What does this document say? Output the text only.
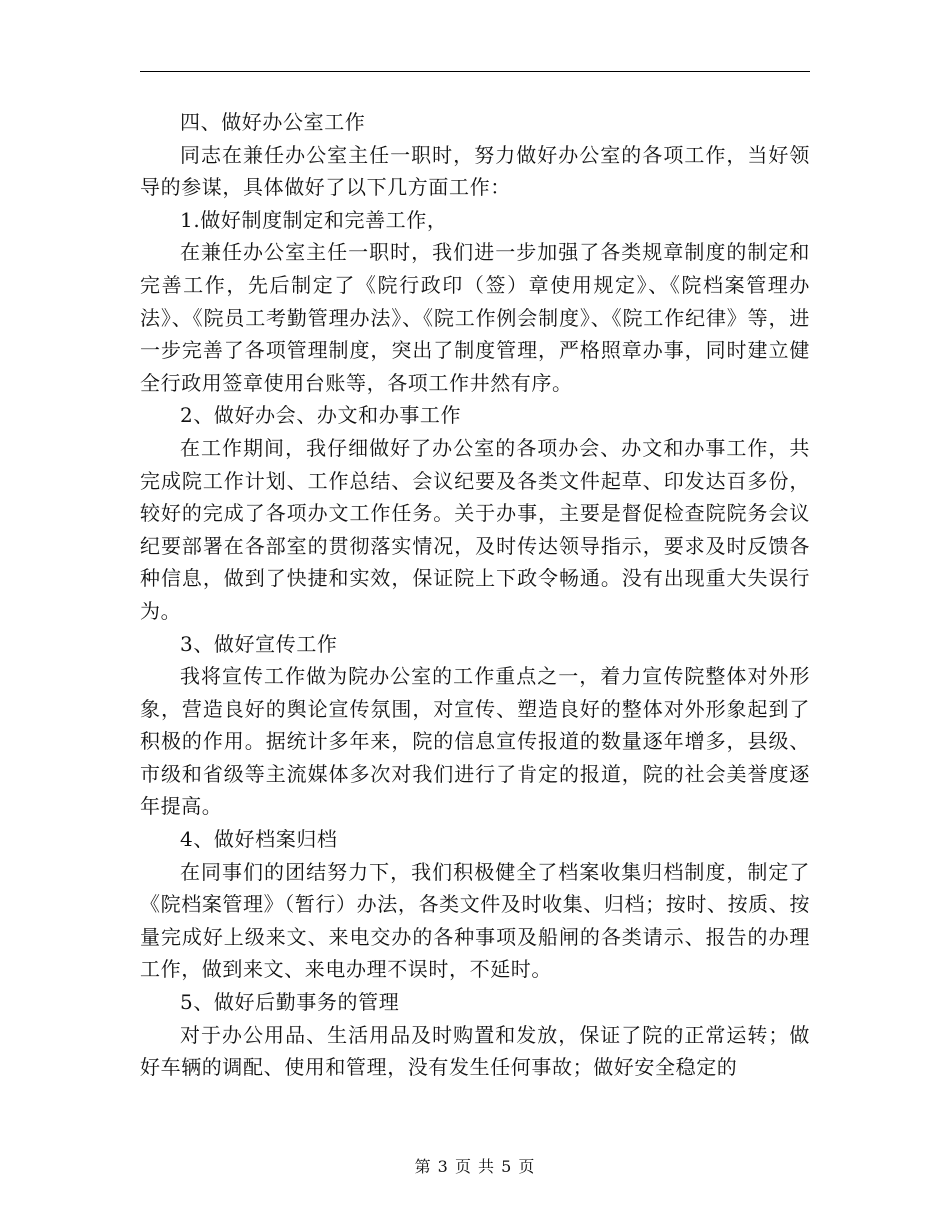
四、做好办公室工作

同志在兼任办公室主任一职时，努力做好办公室的各项工作，当好领导的参谋，具体做好了以下几方面工作：

1.做好制度制定和完善工作，

在兼任办公室主任一职时，我们进一步加强了各类规章制度的制定和完善工作，先后制定了《院行政印（签）章使用规定》、《院档案管理办法》、《院员工考勤管理办法》、《院工作例会制度》、《院工作纪律》等，进一步完善了各项管理制度，突出了制度管理，严格照章办事，同时建立健全行政用签章使用台账等，各项工作井然有序。

2、做好办会、办文和办事工作

在工作期间，我仔细做好了办公室的各项办会、办文和办事工作，共完成院工作计划、工作总结、会议纪要及各类文件起草、印发达百多份，较好的完成了各项办文工作任务。关于办事，主要是督促检查院院务会议纪要部署在各部室的贯彻落实情况，及时传达领导指示，要求及时反馈各种信息，做到了快捷和实效，保证院上下政令畅通。没有出现重大失误行为。

3、做好宣传工作

我将宣传工作做为院办公室的工作重点之一，着力宣传院整体对外形象，营造良好的舆论宣传氛围，对宣传、塑造良好的整体对外形象起到了积极的作用。据统计多年来，院的信息宣传报道的数量逐年增多，县级、市级和省级等主流媒体多次对我们进行了肯定的报道，院的社会美誉度逐年提高。

4、做好档案归档

在同事们的团结努力下，我们积极健全了档案收集归档制度，制定了《院档案管理》（暂行）办法，各类文件及时收集、归档；按时、按质、按量完成好上级来文、来电交办的各种事项及船闸的各类请示、报告的办理工作，做到来文、来电办理不误时，不延时。

5、做好后勤事务的管理

对于办公用品、生活用品及时购置和发放，保证了院的正常运转；做好车辆的调配、使用和管理，没有发生任何事故；做好安全稳定的

第 3 页 共 5 页
